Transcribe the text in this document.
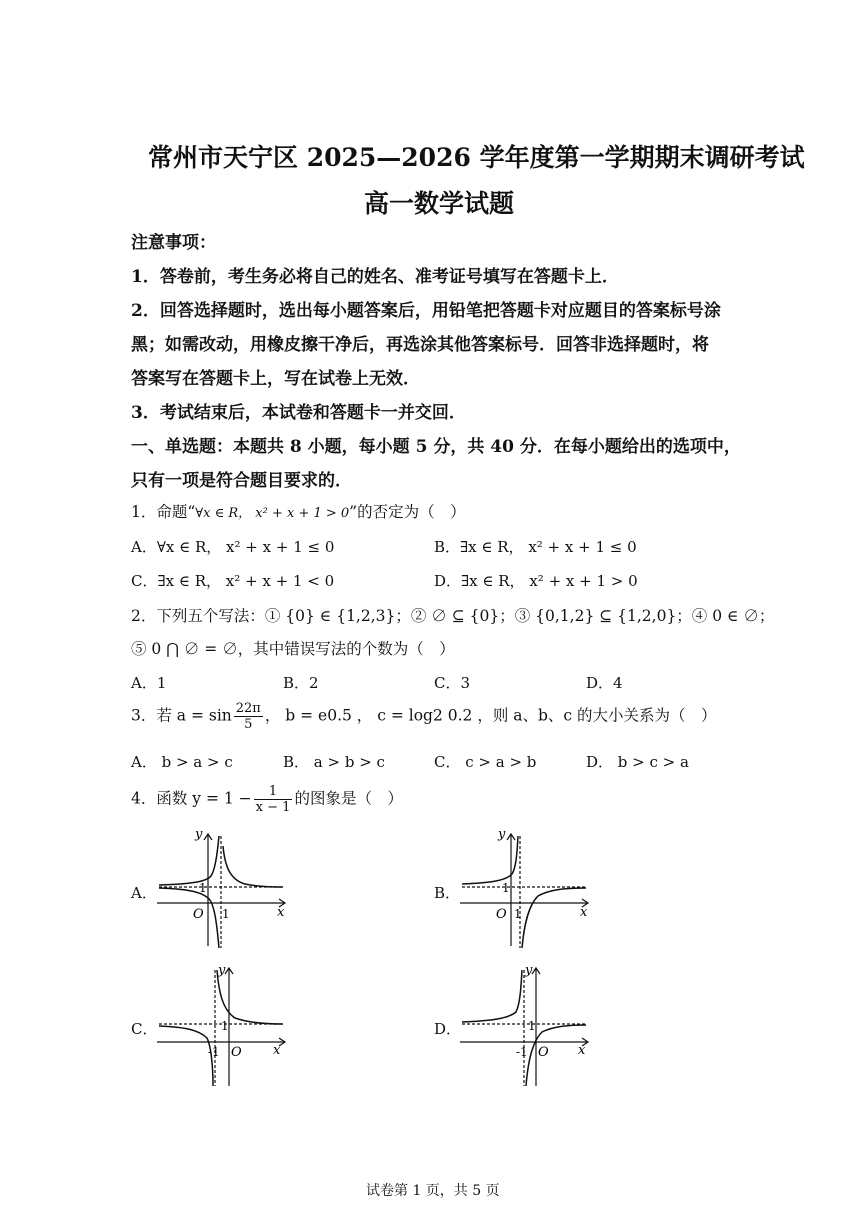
常州市天宁区 2025—2026 学年度第一学期期末调研考试
高一数学试题
注意事项：
1．答卷前，考生务必将自己的姓名、准考证号填写在答题卡上．
2．回答选择题时，选出每小题答案后，用铅笔把答题卡对应题目的答案标号涂
黑；如需改动，用橡皮擦干净后，再选涂其他答案标号．回答非选择题时，将
答案写在答题卡上，写在试卷上无效．
3．考试结束后，本试卷和答题卡一并交回．
一、单选题：本题共 8 小题，每小题 5 分，共 40 分．在每小题给出的选项中，
只有一项是符合题目要求的．
1．命题“∀x ∈ R， x² + x + 1 > 0”的否定为（　）
A．∀x ∈ R， x² + x + 1 ≤ 0	B．∃x ∈ R， x² + x + 1 ≤ 0
C．∃x ∈ R， x² + x + 1 < 0	D．∃x ∈ R， x² + x + 1 > 0
2．下列五个写法：① {0} ∈ {1,2,3}；② ∅ ⊆ {0}；③ {0,1,2} ⊆ {1,2,0}；④ 0 ∈ ∅；
⑤ 0 ⋂ ∅ = ∅，其中错误写法的个数为（　）
A．1	B．2	C．3	D．4
3．若 $a = \sin \frac{22\pi}{5}$ ， b = e0.5 ， c = log2 0.2 ，则 a、b、c 的大小关系为（　）
A． b > a > c	B． a > b > c	C． c > a > b	D． b > c > a
4．函数 $y = 1 - \frac{1}{x - 1}$ 的图象是（　）
A．	B．
C．	D．
x
y
O 1
1
x
y
O 1
1
x
y
O
-1
1
x
y
O
-1
1
试卷第 1 页，共 5 页
